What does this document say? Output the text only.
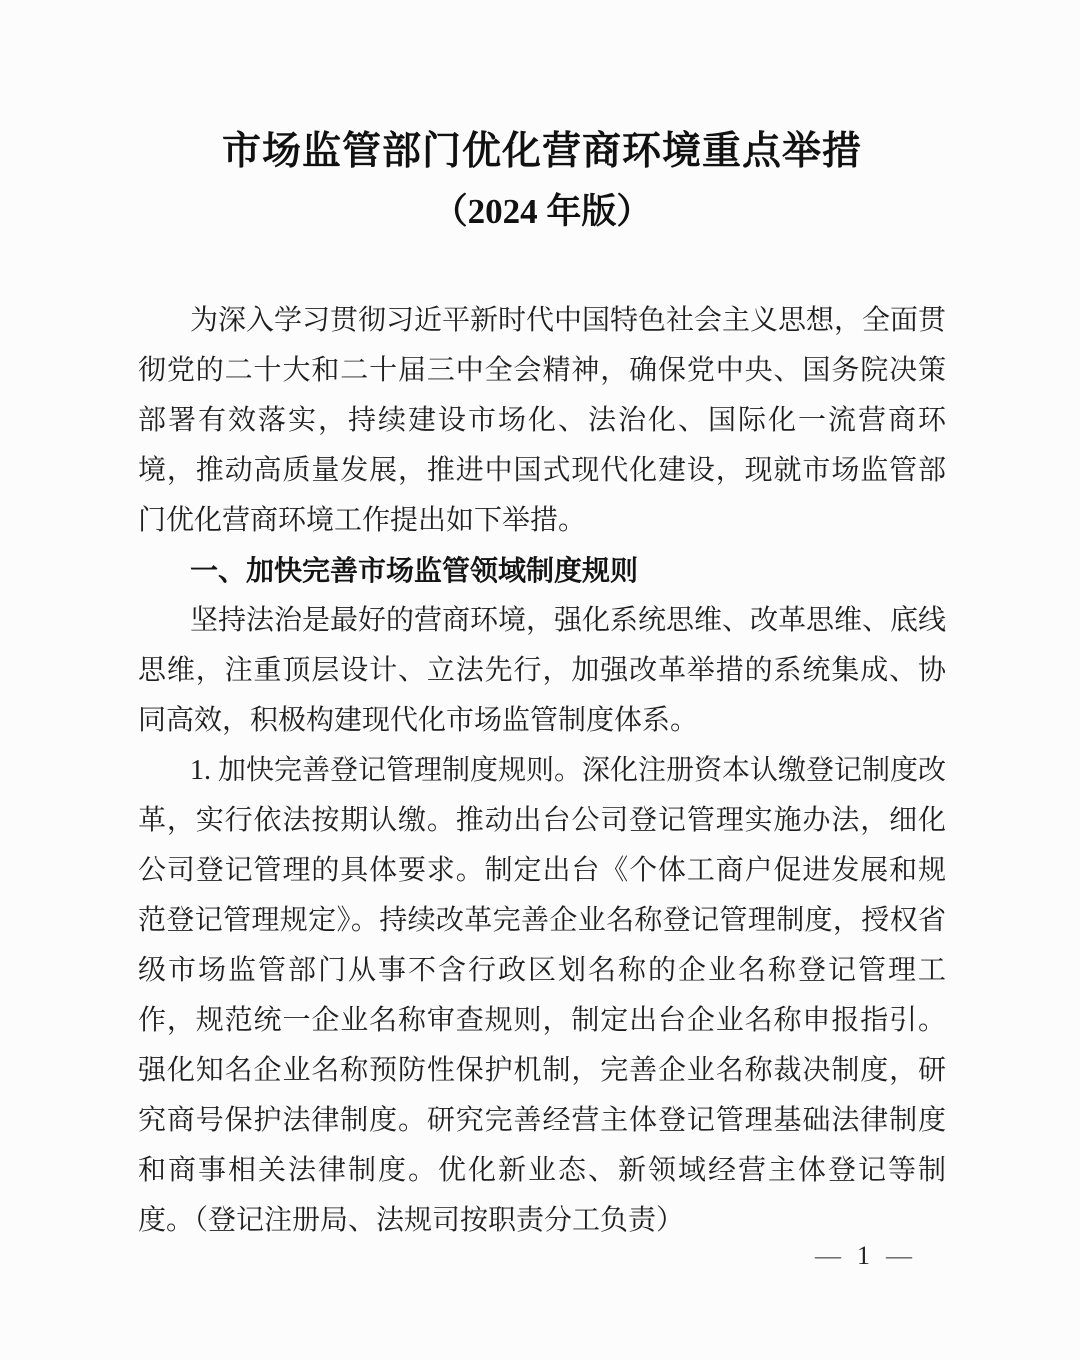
市场监管部门优化营商环境重点举措
（2024 年版）

为深入学习贯彻习近平新时代中国特色社会主义思想，全面贯彻党的二十大和二十届三中全会精神，确保党中央、国务院决策部署有效落实，持续建设市场化、法治化、国际化一流营商环境，推动高质量发展，推进中国式现代化建设，现就市场监管部门优化营商环境工作提出如下举措。

一、加快完善市场监管领域制度规则

坚持法治是最好的营商环境，强化系统思维、改革思维、底线思维，注重顶层设计、立法先行，加强改革举措的系统集成、协同高效，积极构建现代化市场监管制度体系。

1. 加快完善登记管理制度规则。深化注册资本认缴登记制度改革，实行依法按期认缴。推动出台公司登记管理实施办法，细化公司登记管理的具体要求。制定出台《个体工商户促进发展和规范登记管理规定》。持续改革完善企业名称登记管理制度，授权省级市场监管部门从事不含行政区划名称的企业名称登记管理工作，规范统一企业名称审查规则，制定出台企业名称申报指引。强化知名企业名称预防性保护机制，完善企业名称裁决制度，研究商号保护法律制度。研究完善经营主体登记管理基础法律制度和商事相关法律制度。优化新业态、新领域经营主体登记等制度。（登记注册局、法规司按职责分工负责）

— 1 —
